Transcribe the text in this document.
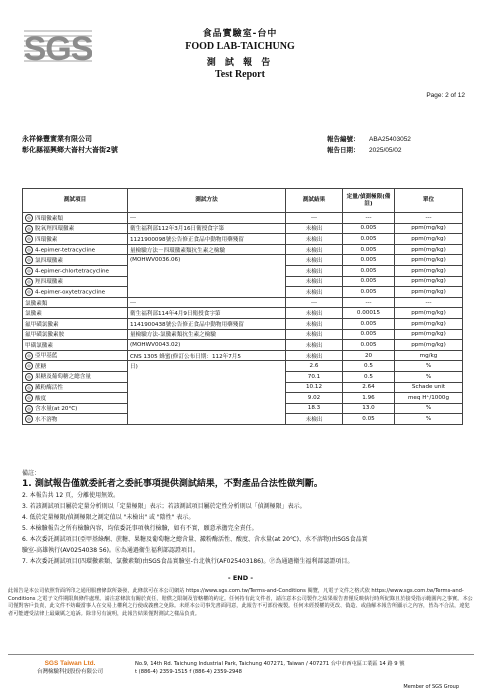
SGS	食品實驗室-台中
FOOD LAB-TAICHUNG
測 試 報 告
Test Report
Page: 2 of 12
永祥條豐實業有限公司
彰化縣福興鄉大崙村大崙街2號
報告編號： ABA25403052
報告日期： 2025/05/02
測試項目	測試方法	測試結果	定量/偵測極限(備註)	單位
◎ 四環黴素類	---	---	---	---
◎ 脫氧羥四環黴素	衛生福利部112年3月16日衛授食字第	未檢出	0.005	ppm(mg/kg)
◎ 四環黴素	1121900098號公告修正食品中動物用藥殘留	未檢出	0.005	ppm(mg/kg)
◎ 4-epimer-tetracycline	量檢驗方法－四環黴素類抗生素之檢驗	未檢出	0.005	ppm(mg/kg)
◎ 氯四環黴素	(MOHWV0036.06)	未檢出	0.005	ppm(mg/kg)
◎ 4-epimer-chlortetracycline		未檢出	0.005	ppm(mg/kg)
◎ 羥四環黴素		未檢出	0.005	ppm(mg/kg)
◎ 4-epimer-oxytetracycline		未檢出	0.005	ppm(mg/kg)
氯黴素類	---	---	---	---
氯黴素	衛生福利部114年4月9日衛授食字第	未檢出	0.00015	ppm(mg/kg)
氟甲磺氯黴素	1141900438號公告修正食品中動物用藥殘留	未檢出	0.005	ppm(mg/kg)
氟甲磺氯黴素胺	量檢驗方法-氯黴素類抗生素之檢驗	未檢出	0.005	ppm(mg/kg)
甲磺氯黴素	(MOHWV0043.02)	未檢出	0.005	ppm(mg/kg)
◎ 亞甲基藍	CNS 1305 蜂蜜(修訂公布日期：112年7月5	未檢出	20	mg/kg
◎ 蔗糖	日)	2.6	0.5	%
◎ 果糖及葡萄糖之總含量		70.1	0.5	%
◎ 澱粉酶活性		10.12	2.64	Schade unit
◎ 酸度		9.02	1.96	meq H⁺/1000g
◎ 含水量(at 20°C)		18.3	13.0	%
◎ 水不溶物		未檢出	0.05	%
備註：
1. 測試報告僅就委託者之委託事項提供測試結果，不對產品合法性做判斷。
2. 本報告共 12 頁，分離使用無效。
3. 若該測試項目屬於定量分析則以「定量極限」表示；若該測試項目屬於定性分析則以「偵測極限」表示。
4. 低於定量極限/偵測極限之測定值以 "未檢出" 或 "陰性" 表示。
5. 本檢驗報告之所有檢驗內容，均依委託事項執行檢驗，如有不實，願意承擔完全責任。
6. 本次委託測試項目(亞甲基綠酮、蔗糖、果糖及葡萄糖之總含量、澱粉酶活性、酸度、含水量(at 20℃)、水不溶物)由SGS食品實
驗室-高雄執行(AV0254038 56)。Ⓚ為通過衛生福利部認證項目。
7. 本次委託測試項目(四環黴素類、氯黴素類)由SGS食品實驗室-台北執行(AF025403186)。Ⓟ為通過衛生福利部認證項目。
- END -
此報告是本公司依照背面所印之通用服務條款所簽發，此條款可在本公司網站 https://www.sgs.com.tw/Terms-and-Conditions 閱覽，凡電子文件之格式依 https://www.sgs.com.tw/Terms-and-Conditions 之電子文件期限與條件處理。請注意條款有關於責任、賠償之限制及管轄權的約定。任何持有此文件者，請注意本公司製作之結果報告書僅反映執行時所紀錄且於接受指示範圍內之事實。本公司僅對客戶負責，此文件不妨礙當事人在交易上權利之行使或義務之免除。未經本公司事先書面同意，此報告不可部份複製。任何未經授權的更改、偽造、或曲解本報告所顯示之內容，皆為不合法，違犯者可能遭受法律上最嚴厲之追訴。除非另有說明，此報告結果僅對測試之樣品負責。
SGS Taiwan Ltd.
台灣檢驗科技股份有限公司
No.9, 14th Rd. Taichung Industrial Park, Taichung 407271, Taiwan / 407271 台中市西屯區工業區 14 路 9 號
t (886-4) 2359-1515 f (886-4) 2359-2948
Member of SGS Group
